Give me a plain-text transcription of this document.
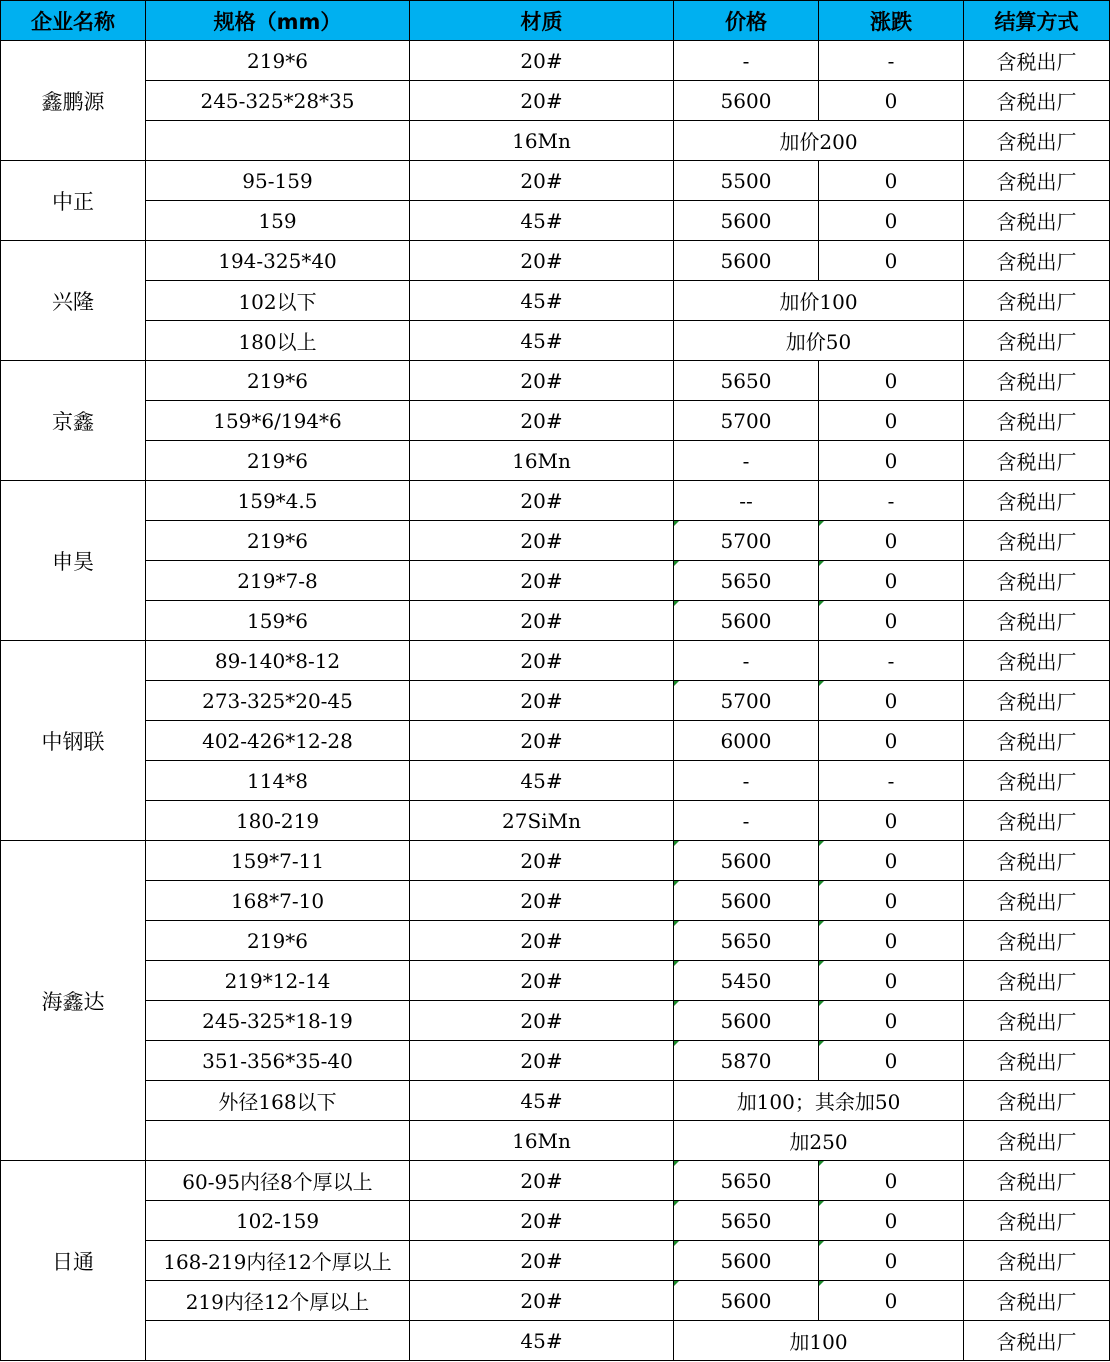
企业名称	规格（mm）	材质	价格	涨跌	结算方式
鑫鹏源	219*6	20#	-	-	含税出厂
	245-325*28*35	20#	5600	0	含税出厂
		16Mn	加价200		含税出厂
中正	95-159	20#	5500	0	含税出厂
	159	45#	5600	0	含税出厂
兴隆	194-325*40	20#	5600	0	含税出厂
	102以下	45#	加价100		含税出厂
	180以上	45#	加价50		含税出厂
京鑫	219*6	20#	5650	0	含税出厂
	159*6/194*6	20#	5700	0	含税出厂
	219*6	16Mn	-	0	含税出厂
申昊	159*4.5	20#	--	-	含税出厂
	219*6	20#	5700	0	含税出厂
	219*7-8	20#	5650	0	含税出厂
	159*6	20#	5600	0	含税出厂
中钢联	89-140*8-12	20#	-	-	含税出厂
	273-325*20-45	20#	5700	0	含税出厂
	402-426*12-28	20#	6000	0	含税出厂
	114*8	45#	-	-	含税出厂
	180-219	27SiMn	-	0	含税出厂
海鑫达	159*7-11	20#	5600	0	含税出厂
	168*7-10	20#	5600	0	含税出厂
	219*6	20#	5650	0	含税出厂
	219*12-14	20#	5450	0	含税出厂
	245-325*18-19	20#	5600	0	含税出厂
	351-356*35-40	20#	5870	0	含税出厂
	外径168以下	45#	加100；其余加50		含税出厂
		16Mn	加250		含税出厂
日通	60-95内径8个厚以上	20#	5650	0	含税出厂
	102-159	20#	5650	0	含税出厂
	168-219内径12个厚以上	20#	5600	0	含税出厂
	219内径12个厚以上	20#	5600	0	含税出厂
		45#	加100		含税出厂
